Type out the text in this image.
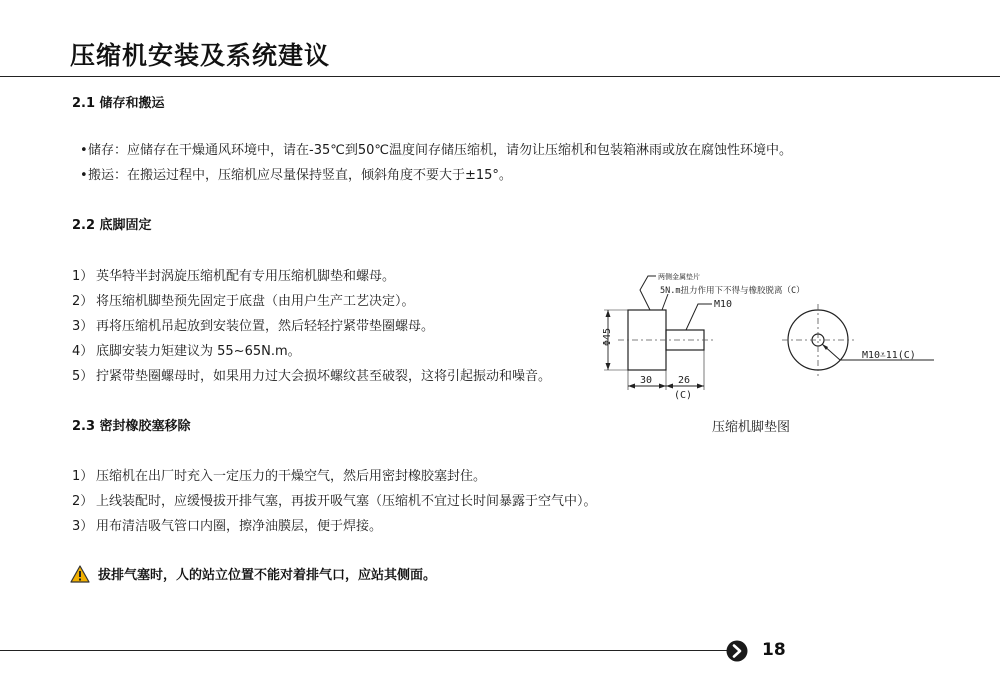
压缩机安装及系统建议
2.1 储存和搬运
•储存：应储存在干燥通风环境中，请在-35℃到50℃温度间存储压缩机，请勿让压缩机和包装箱淋雨或放在腐蚀性环境中。
•搬运：在搬运过程中，压缩机应尽量保持竖直，倾斜角度不要大于±15°。
2.2 底脚固定
1） 英华特半封涡旋压缩机配有专用压缩机脚垫和螺母。
2） 将压缩机脚垫预先固定于底盘（由用户生产工艺决定）。
3） 再将压缩机吊起放到安装位置，然后轻轻拧紧带垫圈螺母。
4） 底脚安装力矩建议为 55~65N.m。
5） 拧紧带垫圈螺母时，如果用力过大会损坏螺纹甚至破裂，这将引起振动和噪音。
两侧金属垫片
5N.m扭力作用下不得与橡胶脱离（C）
M10
Φ45
30	26
(C)
M10⩡11(C)
压缩机脚垫图
2.3 密封橡胶塞移除
1） 压缩机在出厂时充入一定压力的干燥空气，然后用密封橡胶塞封住。
2） 上线装配时，应缓慢拔开排气塞，再拔开吸气塞（压缩机不宜过长时间暴露于空气中）。
3） 用布清洁吸气管口内圈，擦净油膜层，便于焊接。
拔排气塞时，人的站立位置不能对着排气口，应站其侧面。
18
